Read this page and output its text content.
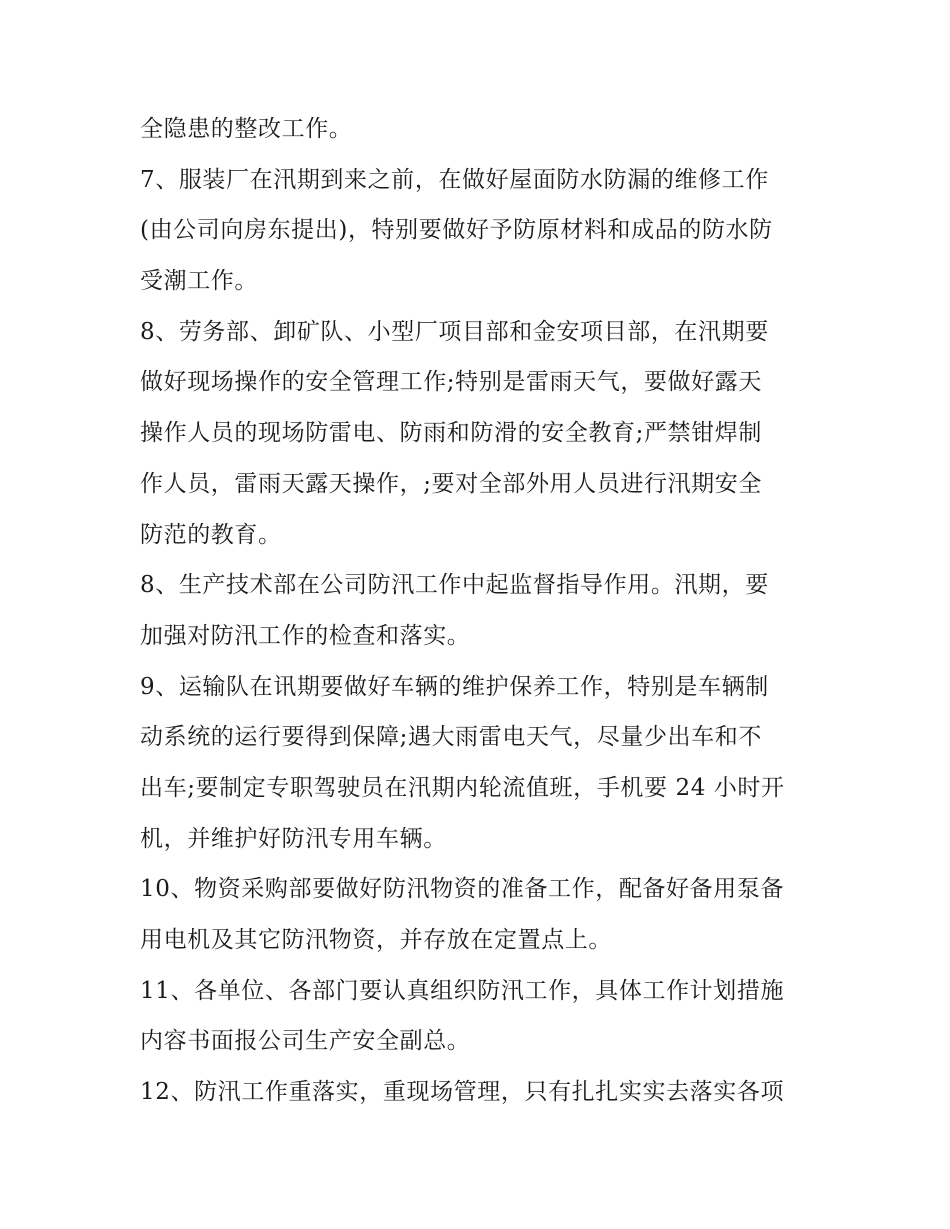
全隐患的整改工作。
7、服装厂在汛期到来之前，在做好屋面防水防漏的维修工作
(由公司向房东提出)，特别要做好予防原材料和成品的防水防
受潮工作。
8、劳务部、卸矿队、小型厂项目部和金安项目部，在汛期要
做好现场操作的安全管理工作;特别是雷雨天气，要做好露天
操作人员的现场防雷电、防雨和防滑的安全教育;严禁钳焊制
作人员，雷雨天露天操作，;要对全部外用人员进行汛期安全
防范的教育。
8、生产技术部在公司防汛工作中起监督指导作用。汛期，要
加强对防汛工作的检查和落实。
9、运输队在讯期要做好车辆的维护保养工作，特别是车辆制
动系统的运行要得到保障;遇大雨雷电天气，尽量少出车和不
出车;要制定专职驾驶员在汛期内轮流值班，手机要 24 小时开
机，并维护好防汛专用车辆。
10、物资采购部要做好防汛物资的准备工作，配备好备用泵备
用电机及其它防汛物资，并存放在定置点上。
11、各单位、各部门要认真组织防汛工作，具体工作计划措施
内容书面报公司生产安全副总。
12、防汛工作重落实，重现场管理，只有扎扎实实去落实各项
